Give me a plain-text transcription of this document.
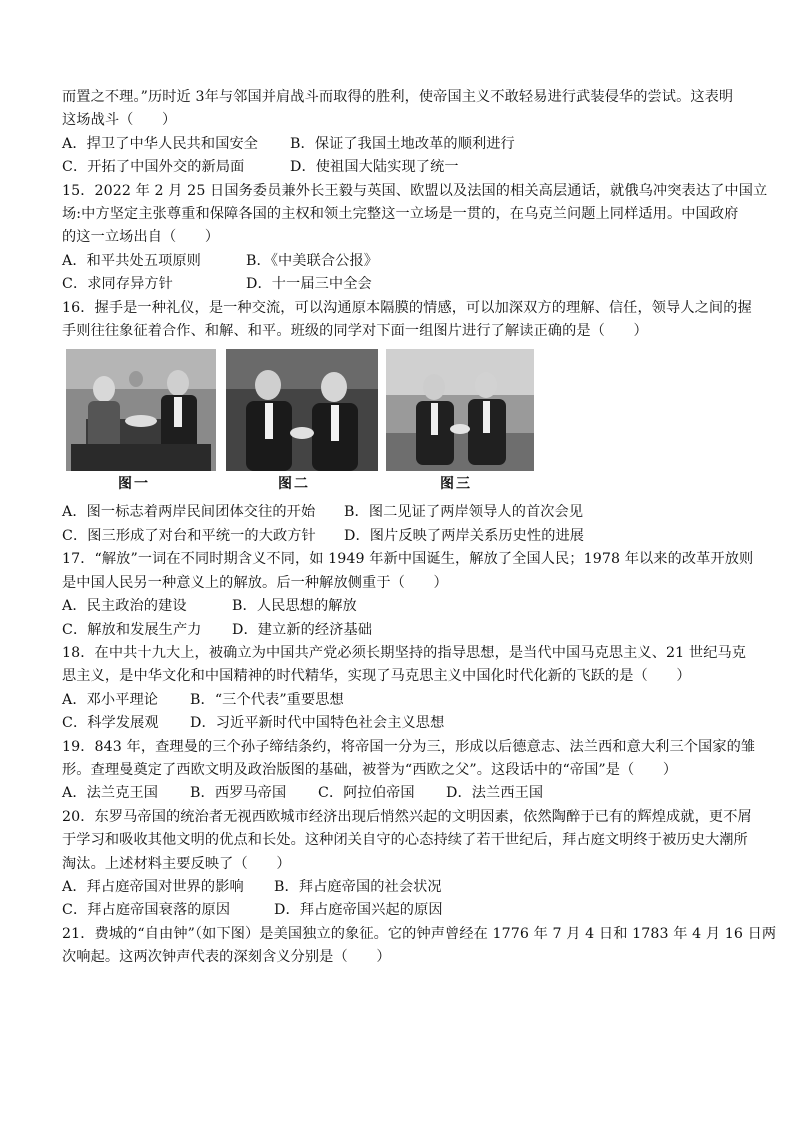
而置之不理。”历时近 3年与邻国并肩战斗而取得的胜利，使帝国主义不敢轻易进行武装侵华的尝试。这表明
这场战斗（　　）
A．捍卫了中华人民共和国安全	B．保证了我国土地改革的顺利进行
C．开拓了中国外交的新局面	D．使祖国大陆实现了统一
15．2022 年 2 月 25 日国务委员兼外长王毅与英国、欧盟以及法国的相关高层通话，就俄乌冲突表达了中国立
场:中方坚定主张尊重和保障各国的主权和领土完整这一立场是一贯的，在乌克兰问题上同样适用。中国政府
的这一立场出自（　　）
A．和平共处五项原则	B．《中美联合公报》
C．求同存异方针	D．十一届三中全会
16．握手是一种礼仪，是一种交流，可以沟通原本隔膜的情感，可以加深双方的理解、信任，领导人之间的握
手则往往象征着合作、和解、和平。班级的同学对下面一组图片进行了解读正确的是（　　）
图一	图二	图三
A．图一标志着两岸民间团体交往的开始	B．图二见证了两岸领导人的首次会见
C．图三形成了对台和平统一的大政方针	D．图片反映了两岸关系历史性的进展
17．“解放”一词在不同时期含义不同，如 1949 年新中国诞生，解放了全国人民；1978 年以来的改革开放则
是中国人民另一种意义上的解放。后一种解放侧重于（　　）
A．民主政治的建设	B．人民思想的解放
C．解放和发展生产力	D．建立新的经济基础
18．在中共十九大上，被确立为中国共产党必须长期坚持的指导思想，是当代中国马克思主义、21 世纪马克
思主义，是中华文化和中国精神的时代精华，实现了马克思主义中国化时代化新的飞跃的是（　　）
A．邓小平理论	B．“三个代表”重要思想
C．科学发展观	D．习近平新时代中国特色社会主义思想
19．843 年，查理曼的三个孙子缔结条约，将帝国一分为三，形成以后德意志、法兰西和意大利三个国家的雏
形。查理曼奠定了西欧文明及政治版图的基础，被誉为“西欧之父”。这段话中的“帝国”是（　　）
A．法兰克王国	B．西罗马帝国	C．阿拉伯帝国	D．法兰西王国
20．东罗马帝国的统治者无视西欧城市经济出现后悄然兴起的文明因素，依然陶醉于已有的辉煌成就，更不屑
于学习和吸收其他文明的优点和长处。这种闭关自守的心态持续了若干世纪后，拜占庭文明终于被历史大潮所
淘汰。上述材料主要反映了（　　）
A．拜占庭帝国对世界的影响	B．拜占庭帝国的社会状况
C．拜占庭帝国衰落的原因	D．拜占庭帝国兴起的原因
21．费城的“自由钟”（如下图）是美国独立的象征。它的钟声曾经在 1776 年 7 月 4 日和 1783 年 4 月 16 日两
次响起。这两次钟声代表的深刻含义分别是（　　）
